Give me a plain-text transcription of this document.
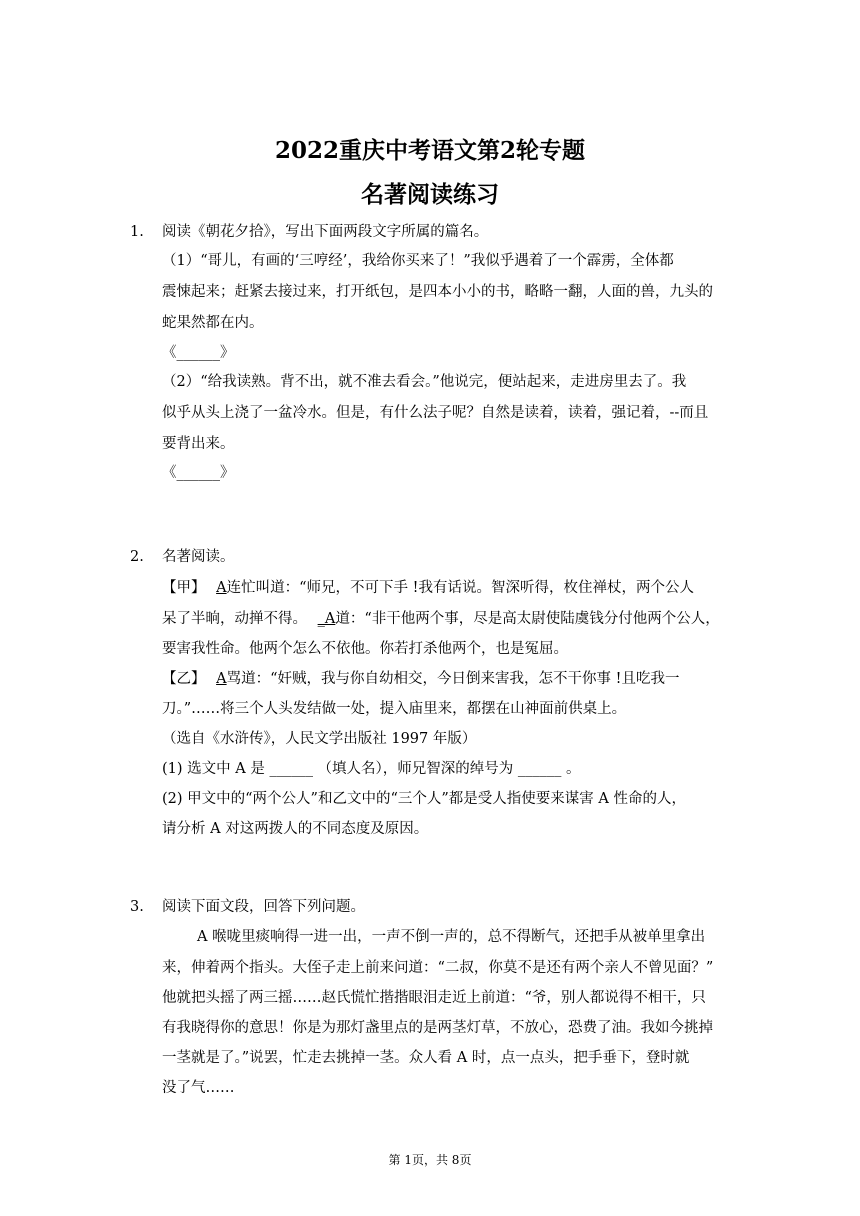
2022重庆中考语文第2轮专题
名著阅读练习
1. 阅读《朝花夕拾》，写出下面两段文字所属的篇名。
（1）“哥儿，有画的‘三哼经’，我给你买来了！”我似乎遇着了一个霹雳，全体都
震悚起来；赶紧去接过来，打开纸包，是四本小小的书，略略一翻，人面的兽，九头的
蛇果然都在内。
《______》
（2）“给我读熟。背不出，就不准去看会。”他说完，便站起来，走进房里去了。我
似乎从头上浇了一盆冷水。但是，有什么法子呢？自然是读着，读着，强记着，--而且
要背出来。
《______》
2. 名著阅读。
【甲】 A连忙叫道：“师兄，不可下手 !我有话说。智深听得，枚住禅杖，两个公人
呆了半晌，动掸不得。 _A道：“非干他两个事，尽是高太尉使陆虞钱分付他两个公人，
要害我性命。他两个怎么不依他。你若打杀他两个，也是冤屈。
【乙】 A骂道：“奸贼，我与你自幼相交，今日倒来害我，怎不干你事 !且吃我一
刀。”……将三个人头发结做一处，提入庙里来，都摆在山神面前供桌上。
（选自《水浒传》，人民文学出版社 1997 年版）
(1) 选文中 A 是 ______ （填人名），师兄智深的绰号为 ______ 。
(2) 甲文中的“两个公人”和乙文中的“三个人”都是受人指使要来谋害 A 性命的人，
请分析 A 对这两拨人的不同态度及原因。
3. 阅读下面文段，回答下列问题。
A 喉咙里痰响得一进一出，一声不倒一声的，总不得断气，还把手从被单里拿出
来，伸着两个指头。大侄子走上前来问道：“二叔，你莫不是还有两个亲人不曾见面？”
他就把头摇了两三摇……赵氏慌忙揩揩眼泪走近上前道：“爷，别人都说得不相干，只
有我晓得你的意思！你是为那灯盏里点的是两茎灯草，不放心，恐费了油。我如今挑掉
一茎就是了。”说罢，忙走去挑掉一茎。众人看 A 时，点一点头，把手垂下，登时就
没了气……
第 1页，共 8页
